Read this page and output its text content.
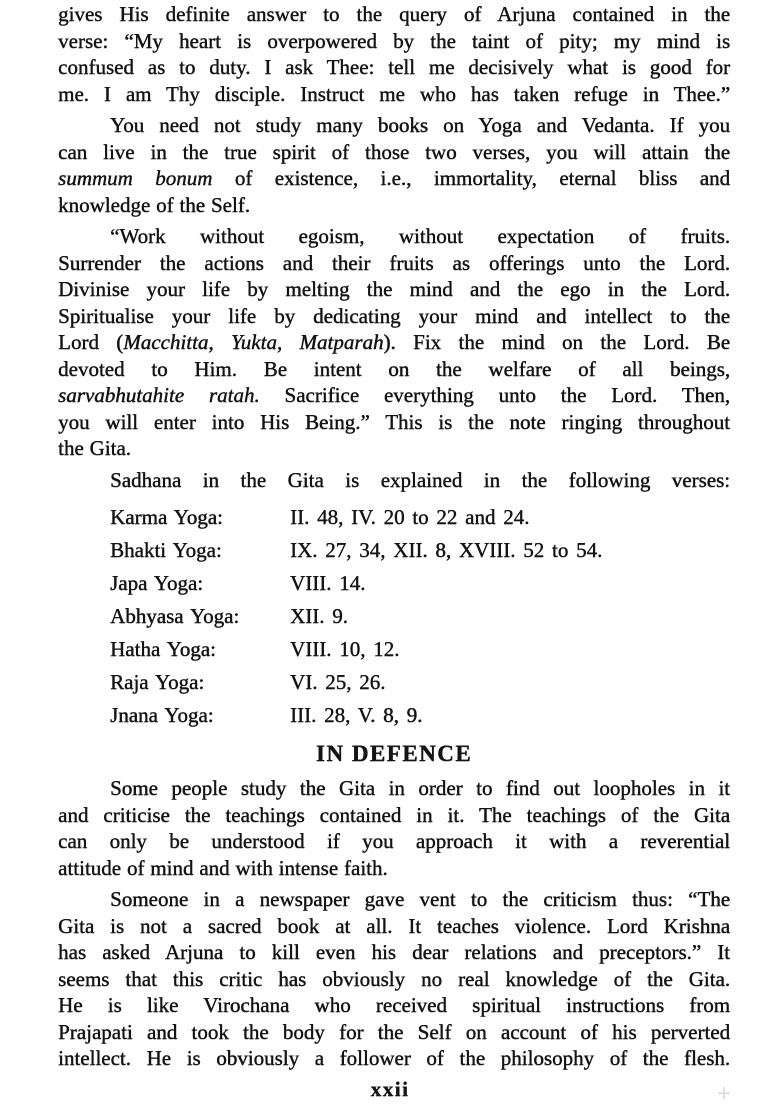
gives His definite answer to the query of Arjuna contained in the
verse: “My heart is overpowered by the taint of pity; my mind is
confused as to duty. I ask Thee: tell me decisively what is good for
me. I am Thy disciple. Instruct me who has taken refuge in Thee.”
You need not study many books on Yoga and Vedanta. If you
can live in the true spirit of those two verses, you will attain the
summum bonum of existence, i.e., immortality, eternal bliss and
knowledge of the Self.
“Work without egoism, without expectation of fruits.
Surrender the actions and their fruits as offerings unto the Lord.
Divinise your life by melting the mind and the ego in the Lord.
Spiritualise your life by dedicating your mind and intellect to the
Lord (Macchitta, Yukta, Matparah). Fix the mind on the Lord. Be
devoted to Him. Be intent on the welfare of all beings,
sarvabhutahite ratah. Sacrifice everything unto the Lord. Then,
you will enter into His Being.” This is the note ringing throughout
the Gita.
Sadhana in the Gita is explained in the following verses:
Karma Yoga:	II. 48, IV. 20 to 22 and 24.
Bhakti Yoga:	IX. 27, 34, XII. 8, XVIII. 52 to 54.
Japa Yoga:	VIII. 14.
Abhyasa Yoga:	XII. 9.
Hatha Yoga:	VIII. 10, 12.
Raja Yoga:	VI. 25, 26.
Jnana Yoga:	III. 28, V. 8, 9.
IN DEFENCE
Some people study the Gita in order to find out loopholes in it
and criticise the teachings contained in it. The teachings of the Gita
can only be understood if you approach it with a reverential
attitude of mind and with intense faith.
Someone in a newspaper gave vent to the criticism thus: “The
Gita is not a sacred book at all. It teaches violence. Lord Krishna
has asked Arjuna to kill even his dear relations and preceptors.” It
seems that this critic has obviously no real knowledge of the Gita.
He is like Virochana who received spiritual instructions from
Prajapati and took the body for the Self on account of his perverted
intellect. He is obviously a follower of the philosophy of the flesh.
xxii	+
